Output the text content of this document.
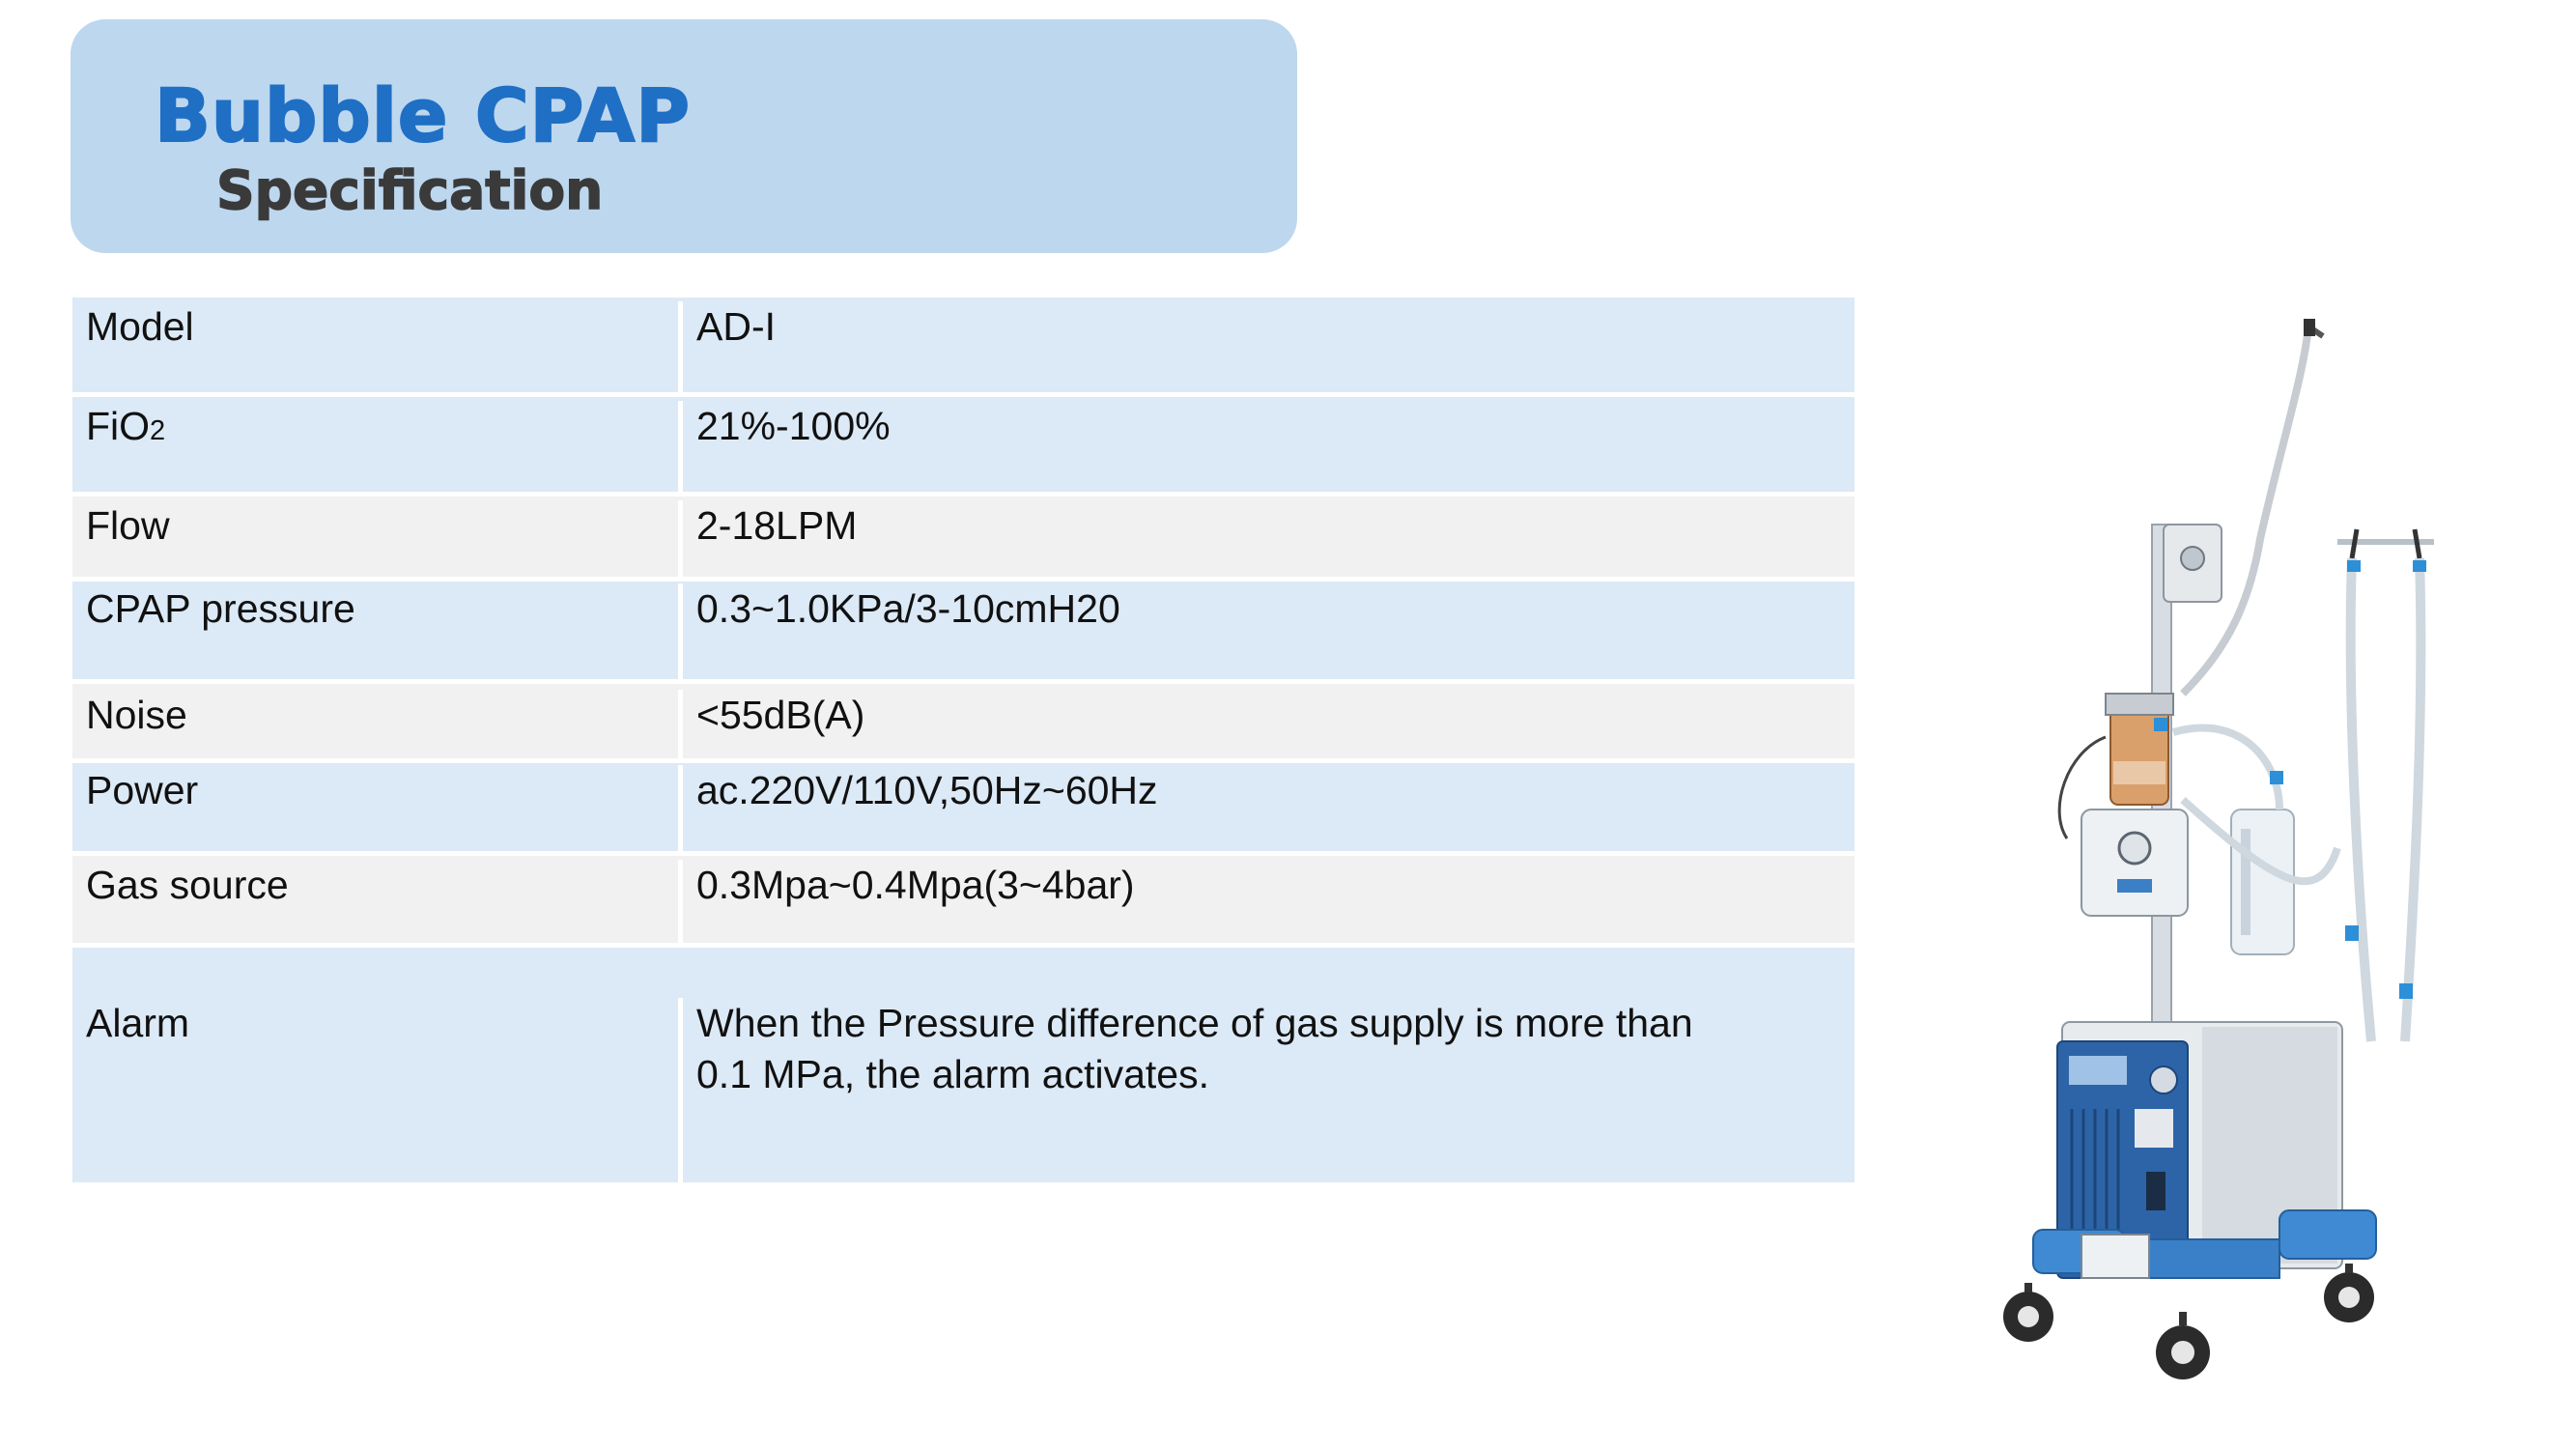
Bubble CPAP
Specification
Model	AD-I
FiO2	21%-100%
Flow	2-18LPM
CPAP pressure	0.3~1.0KPa/3-10cmH20
Noise	<55dB(A)
Power	ac.220V/110V,50Hz~60Hz
Gas source	0.3Mpa~0.4Mpa(3~4bar)
Alarm	When the Pressure difference of gas supply is more than
0.1 MPa, the alarm activates.
